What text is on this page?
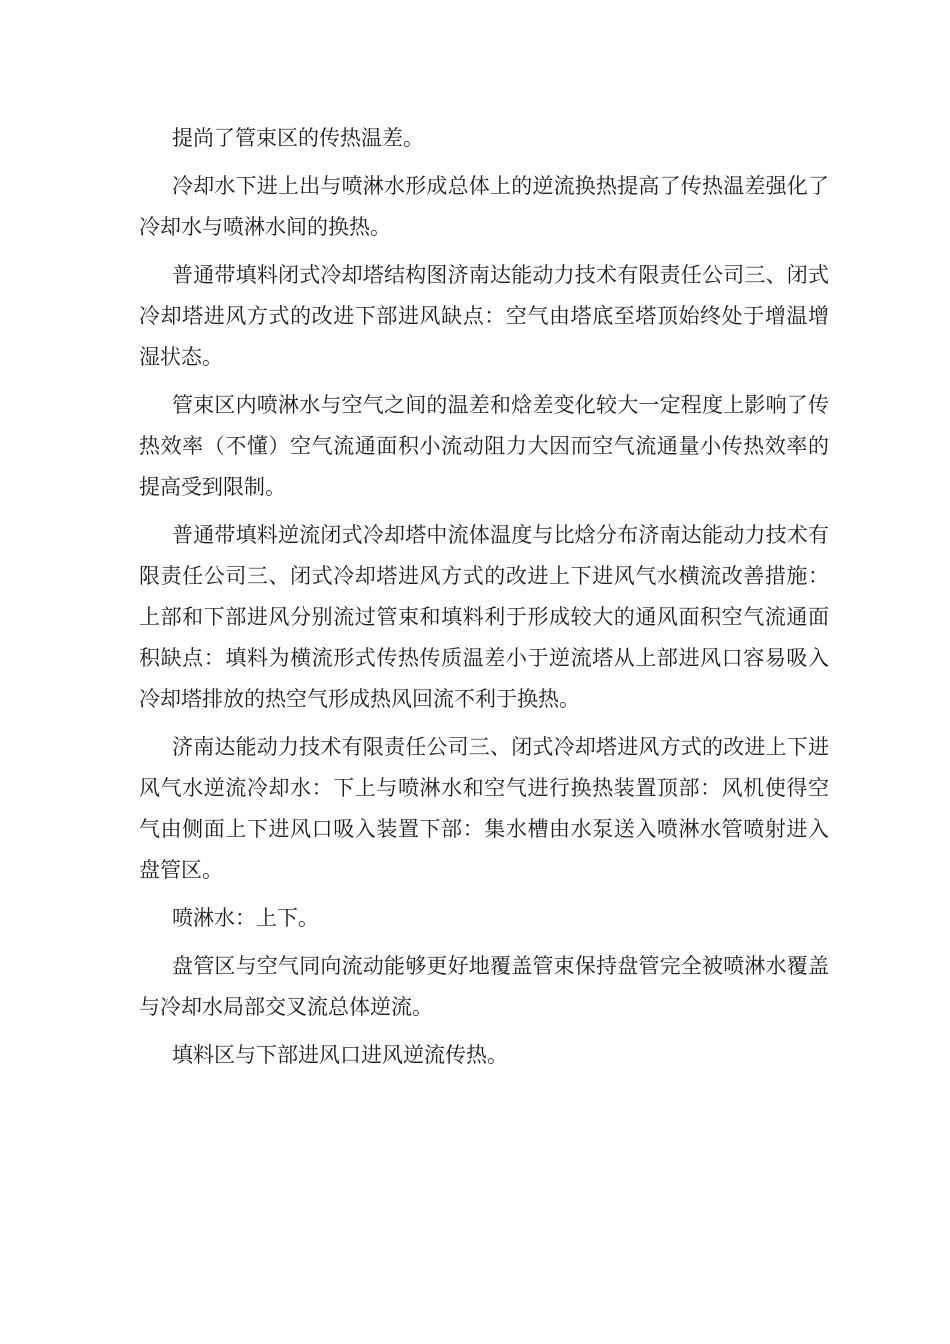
提尚了管束区的传热温差。

冷却水下进上出与喷淋水形成总体上的逆流换热提高了传热温差强化了冷却水与喷淋水间的换热。

普通带填料闭式冷却塔结构图济南达能动力技术有限责任公司三、闭式冷却塔进风方式的改进下部进风缺点：空气由塔底至塔顶始终处于增温增湿状态。

管束区内喷淋水与空气之间的温差和焓差变化较大一定程度上影响了传热效率（不懂）空气流通面积小流动阻力大因而空气流通量小传热效率的提高受到限制。

普通带填料逆流闭式冷却塔中流体温度与比焓分布济南达能动力技术有限责任公司三、闭式冷却塔进风方式的改进上下进风气水横流改善措施：上部和下部进风分别流过管束和填料利于形成较大的通风面积空气流通面积缺点：填料为横流形式传热传质温差小于逆流塔从上部进风口容易吸入冷却塔排放的热空气形成热风回流不利于换热。

济南达能动力技术有限责任公司三、闭式冷却塔进风方式的改进上下进风气水逆流冷却水：下上与喷淋水和空气进行换热装置顶部：风机使得空气由侧面上下进风口吸入装置下部：集水槽由水泵送入喷淋水管喷射进入盘管区。

喷淋水：上下。

盘管区与空气同向流动能够更好地覆盖管束保持盘管完全被喷淋水覆盖与冷却水局部交叉流总体逆流。

填料区与下部进风口进风逆流传热。
